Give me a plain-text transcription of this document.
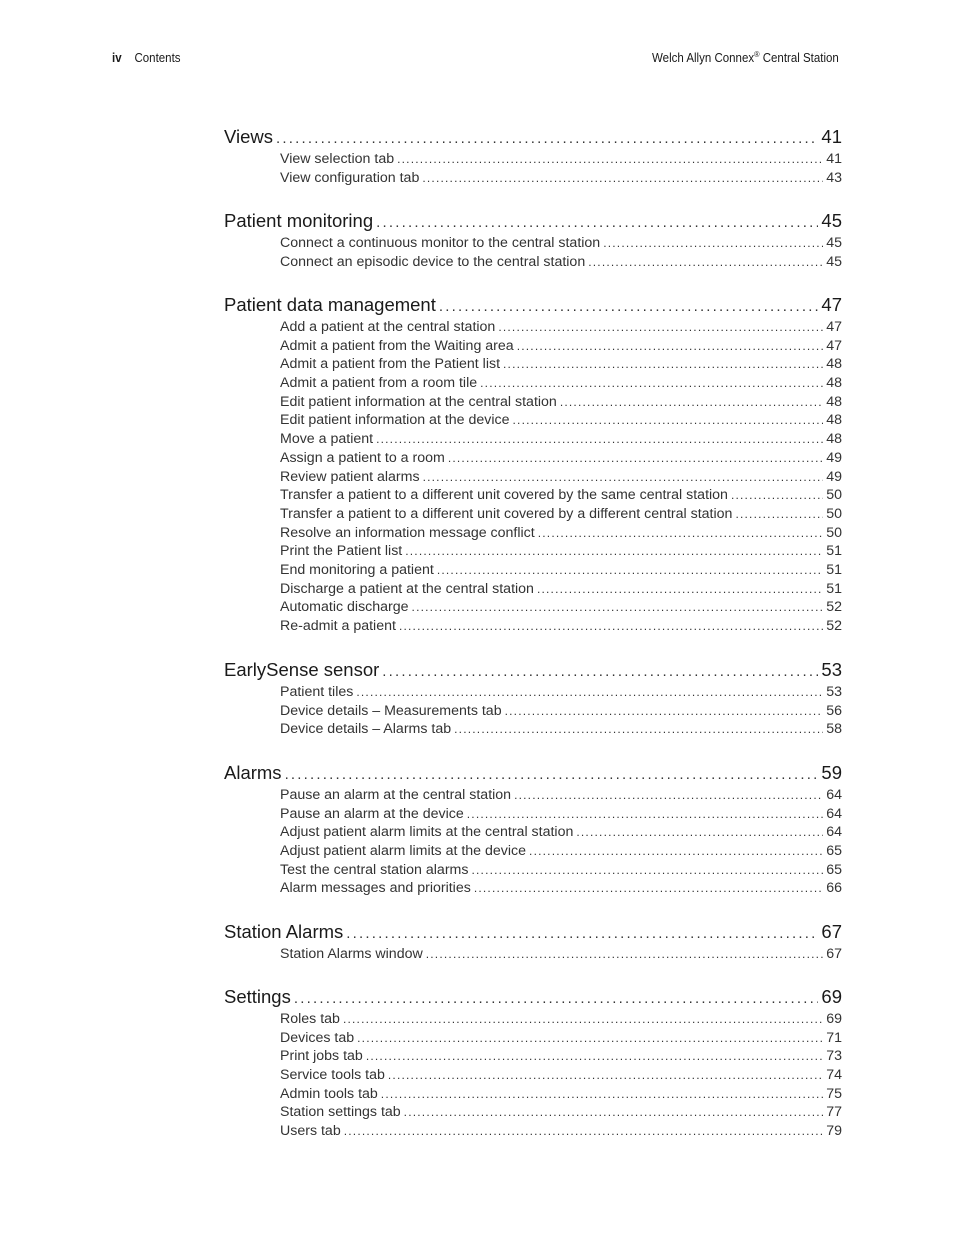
iv Contents	Welch Allyn Connex® Central Station
Views .....	41
View selection tab .....	41
View configuration tab .....	43
Patient monitoring .....	45
Connect a continuous monitor to the central station .....	45
Connect an episodic device to the central station .....	45
Patient data management .....	47
Add a patient at the central station .....	47
Admit a patient from the Waiting area .....	47
Admit a patient from the Patient list .....	48
Admit a patient from a room tile .....	48
Edit patient information at the central station .....	48
Edit patient information at the device .....	48
Move a patient .....	48
Assign a patient to a room .....	49
Review patient alarms .....	49
Transfer a patient to a different unit covered by the same central station .....	50
Transfer a patient to a different unit covered by a different central station .....	50
Resolve an information message conflict .....	50
Print the Patient list .....	51
End monitoring a patient .....	51
Discharge a patient at the central station .....	51
Automatic discharge .....	52
Re-admit a patient .....	52
EarlySense sensor .....	53
Patient tiles .....	53
Device details – Measurements tab .....	56
Device details – Alarms tab .....	58
Alarms .....	59
Pause an alarm at the central station .....	64
Pause an alarm at the device .....	64
Adjust patient alarm limits at the central station .....	64
Adjust patient alarm limits at the device .....	65
Test the central station alarms .....	65
Alarm messages and priorities .....	66
Station Alarms .....	67
Station Alarms window .....	67
Settings .....	69
Roles tab .....	69
Devices tab .....	71
Print jobs tab .....	73
Service tools tab .....	74
Admin tools tab .....	75
Station settings tab .....	77
Users tab .....	79
